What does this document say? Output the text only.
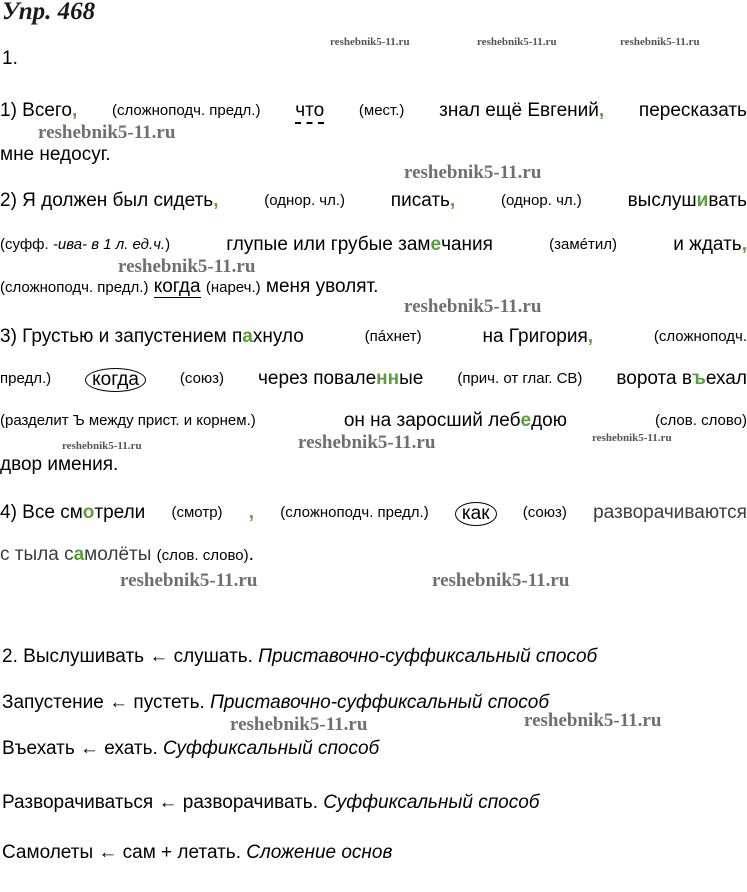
Упр. 468
reshebnik5-11.ru	reshebnik5-11.ru	reshebnik5-11.ru
1.
1) Всего, (сложноподч. предл.) что (мест.) знал ещё Евгений, пересказать
reshebnik5-11.ru
мне недосуг.
reshebnik5-11.ru
2) Я должен был сидеть,	(однор. чл.) писать,	(однор. чл.) выслушивать
(суфф. -ива- в 1 л. ед.ч.)	глупые или грубые замечания	(замéтил)	и ждать,
reshebnik5-11.ru
(сложноподч. предл.) когда (нареч.) меня уволят.
reshebnik5-11.ru
3) Грустью и запустением пахнуло	(пáхнет)	на Григория,	(сложноподч.
предл.)	когда	(союз) через поваленные (прич. от глаг. СВ) ворота въехал
(разделит Ъ между прист. и корнем.)	он на заросший лебедою	(слов. слово)
reshebnik5-11.ru	reshebnik5-11.ru	reshebnik5-11.ru
двор имения.
4) Все смотрели (смотр) , (сложноподч. предл.)	как	(союз) разворачиваются
с тыла самолёты (слов. слово).
reshebnik5-11.ru	reshebnik5-11.ru
2. Выслушивать ← слушать. Приставочно-суффиксальный способ
Запустение ← пустеть. Приставочно-суффиксальный способ
reshebnik5-11.ru	reshebnik5-11.ru
Въехать ← ехать. Суффиксальный способ
Разворачиваться ← разворачивать. Суффиксальный способ
Самолеты ← сам + летать. Сложение основ
